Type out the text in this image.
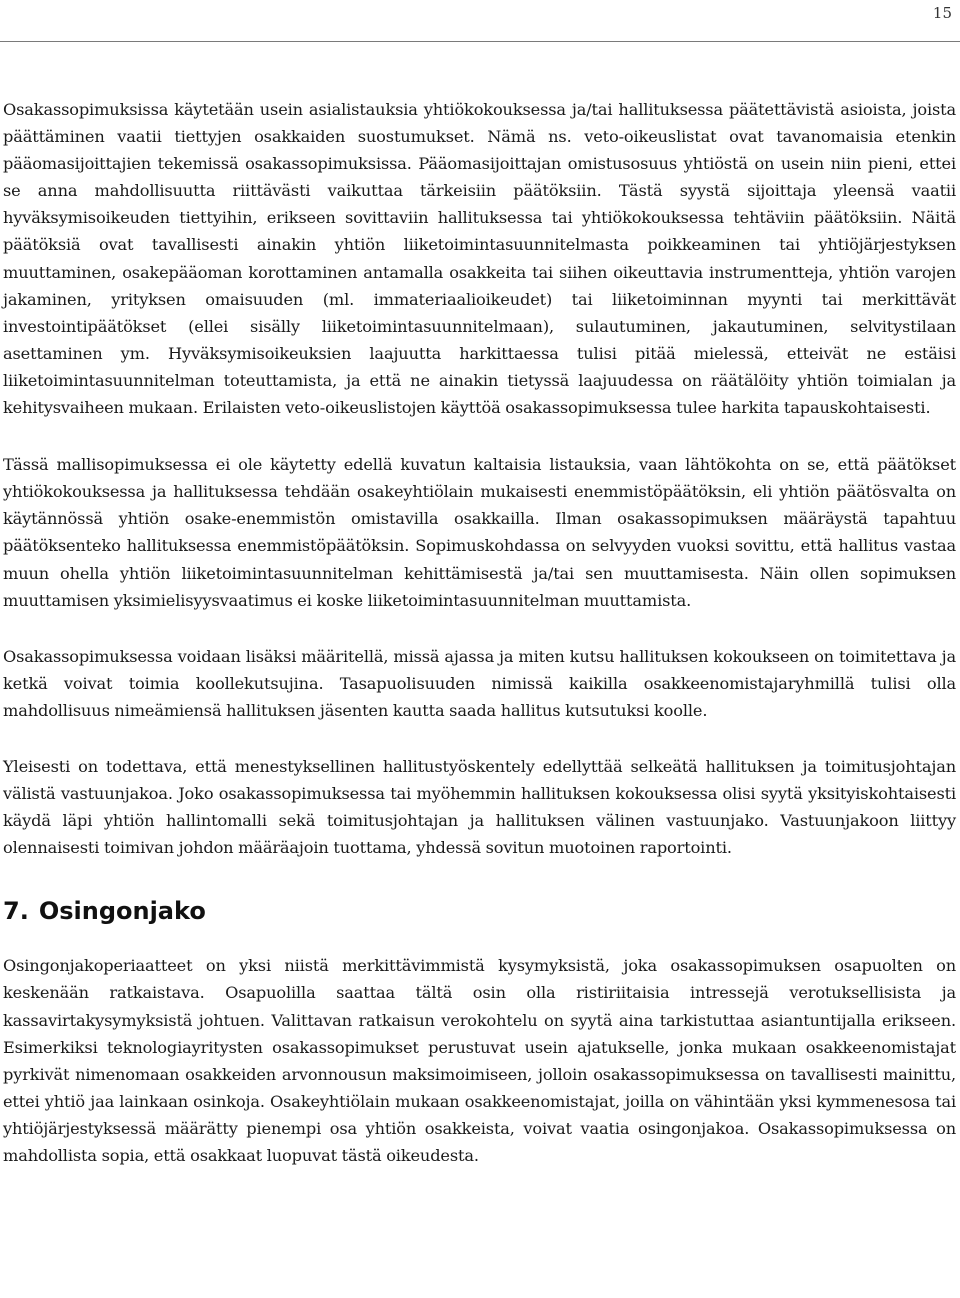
15

Osakassopimuksissa käytetään usein asialistauksia yhtiökokouksessa ja/tai hallituksessa päätettävistä asioista, joista päättäminen vaatii tiettyjen osakkaiden suostumukset. Nämä ns. veto-oikeuslistat ovat tavanomaisia etenkin pääomasijoittajien tekemissä osakassopimuksissa. Pääomasijoittajan omistusosuus yhtiöstä on usein niin pieni, ettei se anna mahdollisuutta riittävästi vaikuttaa tärkeisiin päätöksiin. Tästä syystä sijoittaja yleensä vaatii hyväksymisoikeuden tiettyihin, erikseen sovittaviin hallituksessa tai yhtiökokouksessa tehtäviin päätöksiin. Näitä päätöksiä ovat tavallisesti ainakin yhtiön liiketoimintasuunnitelmasta poikkeaminen tai yhtiöjärjestyksen muuttaminen, osakepääoman korottaminen antamalla osakkeita tai siihen oikeuttavia instrumentteja, yhtiön varojen jakaminen, yrityksen omaisuuden (ml. immateriaalioikeudet) tai liiketoiminnan myynti tai merkittävät investointipäätökset (ellei sisälly liiketoimintasuunnitelmaan), sulautuminen, jakautuminen, selvitystilaan asettaminen ym. Hyväksymisoikeuksien laajuutta harkittaessa tulisi pitää mielessä, etteivät ne estäisi liiketoimintasuunnitelman toteuttamista, ja että ne ainakin tietyssä laajuudessa on räätälöity yhtiön toimialan ja kehitysvaiheen mukaan. Erilaisten veto-oikeuslistojen käyttöä osakassopimuksessa tulee harkita tapauskohtaisesti.

Tässä mallisopimuksessa ei ole käytetty edellä kuvatun kaltaisia listauksia, vaan lähtökohta on se, että päätökset yhtiökokouksessa ja hallituksessa tehdään osakeyhtiölain mukaisesti enemmistöpäätöksin, eli yhtiön päätösvalta on käytännössä yhtiön osake-enemmistön omistavilla osakkailla. Ilman osakassopimuksen määräystä tapahtuu päätöksenteko hallituksessa enemmistöpäätöksin. Sopimuskohdassa on selvyyden vuoksi sovittu, että hallitus vastaa muun ohella yhtiön liiketoimintasuunnitelman kehittämisestä ja/tai sen muuttamisesta. Näin ollen sopimuksen muuttamisen yksimielisyysvaatimus ei koske liiketoimintasuunnitelman muuttamista.

Osakassopimuksessa voidaan lisäksi määritellä, missä ajassa ja miten kutsu hallituksen kokoukseen on toimitettava ja ketkä voivat toimia koollekutsujina. Tasapuolisuuden nimissä kaikilla osakkeenomistajaryhmillä tulisi olla mahdollisuus nimeämiensä hallituksen jäsenten kautta saada hallitus kutsutuksi koolle.

Yleisesti on todettava, että menestyksellinen hallitustyöskentely edellyttää selkeätä hallituksen ja toimitusjohtajan välistä vastuunjakoa. Joko osakassopimuksessa tai myöhemmin hallituksen kokouksessa olisi syytä yksityiskohtaisesti käydä läpi yhtiön hallintomalli sekä toimitusjohtajan ja hallituksen välinen vastuunjako. Vastuunjakoon liittyy olennaisesti toimivan johdon määräajoin tuottama, yhdessä sovitun muotoinen raportointi.

7. Osingonjako

Osingonjakoperiaatteet on yksi niistä merkittävimmistä kysymyksistä, joka osakassopimuksen osapuolten on keskenään ratkaistava. Osapuolilla saattaa tältä osin olla ristiriitaisia intressejä verotuksellisista ja kassavirtakysymyksistä johtuen. Valittavan ratkaisun verokohtelu on syytä aina tarkistuttaa asiantuntijalla erikseen. Esimerkiksi teknologiayritysten osakassopimukset perustuvat usein ajatukselle, jonka mukaan osakkeenomistajat pyrkivät nimenomaan osakkeiden arvonnousun maksimoimiseen, jolloin osakassopimuksessa on tavallisesti mainittu, ettei yhtiö jaa lainkaan osinkoja. Osakeyhtiölain mukaan osakkeenomistajat, joilla on vähintään yksi kymmenesosa tai yhtiöjärjestyksessä määrätty pienempi osa yhtiön osakkeista, voivat vaatia osingonjakoa. Osakassopimuksessa on mahdollista sopia, että osakkaat luopuvat tästä oikeudesta.
